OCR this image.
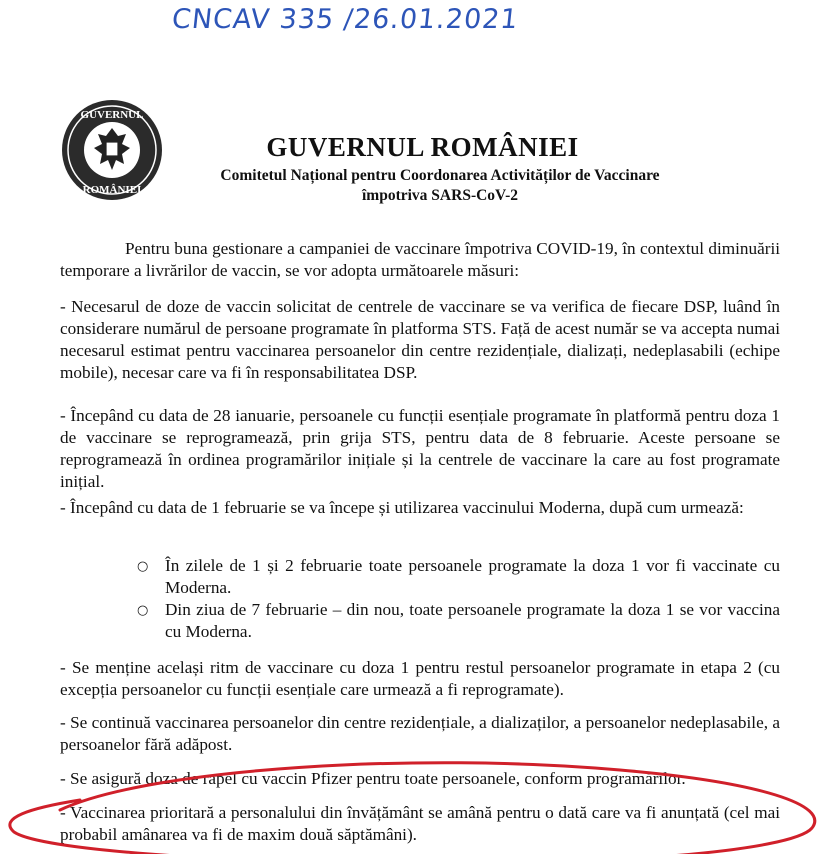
CNCAV 335 /26.01.2021
GUVERNUL
ROMÂNIEI
GUVERNUL ROMÂNIEI
Comitetul Național pentru Coordonarea Activităților de Vaccinare
împotriva SARS-CoV-2
Pentru buna gestionare a campaniei de vaccinare împotriva COVID-19, în contextul diminuării temporare a livrărilor de vaccin, se vor adopta următoarele măsuri:
- Necesarul de doze de vaccin solicitat de centrele de vaccinare se va verifica de fiecare DSP, luând în considerare numărul de persoane programate în platforma STS. Față de acest număr se va accepta numai necesarul estimat pentru vaccinarea persoanelor din centre rezidențiale, dializați, nedeplasabili (echipe mobile), necesar care va fi în responsabilitatea DSP.
- Începând cu data de 28 ianuarie, persoanele cu funcții esențiale programate în platformă pentru doza 1 de vaccinare se reprogramează, prin grija STS, pentru data de 8 februarie. Aceste persoane se reprogramează în ordinea programărilor inițiale și la centrele de vaccinare la care au fost programate inițial.
- Începând cu data de 1 februarie se va începe și utilizarea vaccinului Moderna, după cum urmează:
○ În zilele de 1 și 2 februarie toate persoanele programate la doza 1 vor fi vaccinate cu Moderna.
○ Din ziua de 7 februarie – din nou, toate persoanele programate la doza 1 se vor vaccina cu Moderna.
- Se menține același ritm de vaccinare cu doza 1 pentru restul persoanelor programate in etapa 2 (cu excepția persoanelor cu funcții esențiale care urmează a fi reprogramate).
- Se continuă vaccinarea persoanelor din centre rezidențiale, a dializaților, a persoanelor nedeplasabile, a persoanelor fără adăpost.
- Se asigură doza de rapel cu vaccin Pfizer pentru toate persoanele, conform programărilor.
- Vaccinarea prioritară a personalului din învățământ se amână pentru o dată care va fi anunțată (cel mai probabil amânarea va fi de maxim două săptămâni).
